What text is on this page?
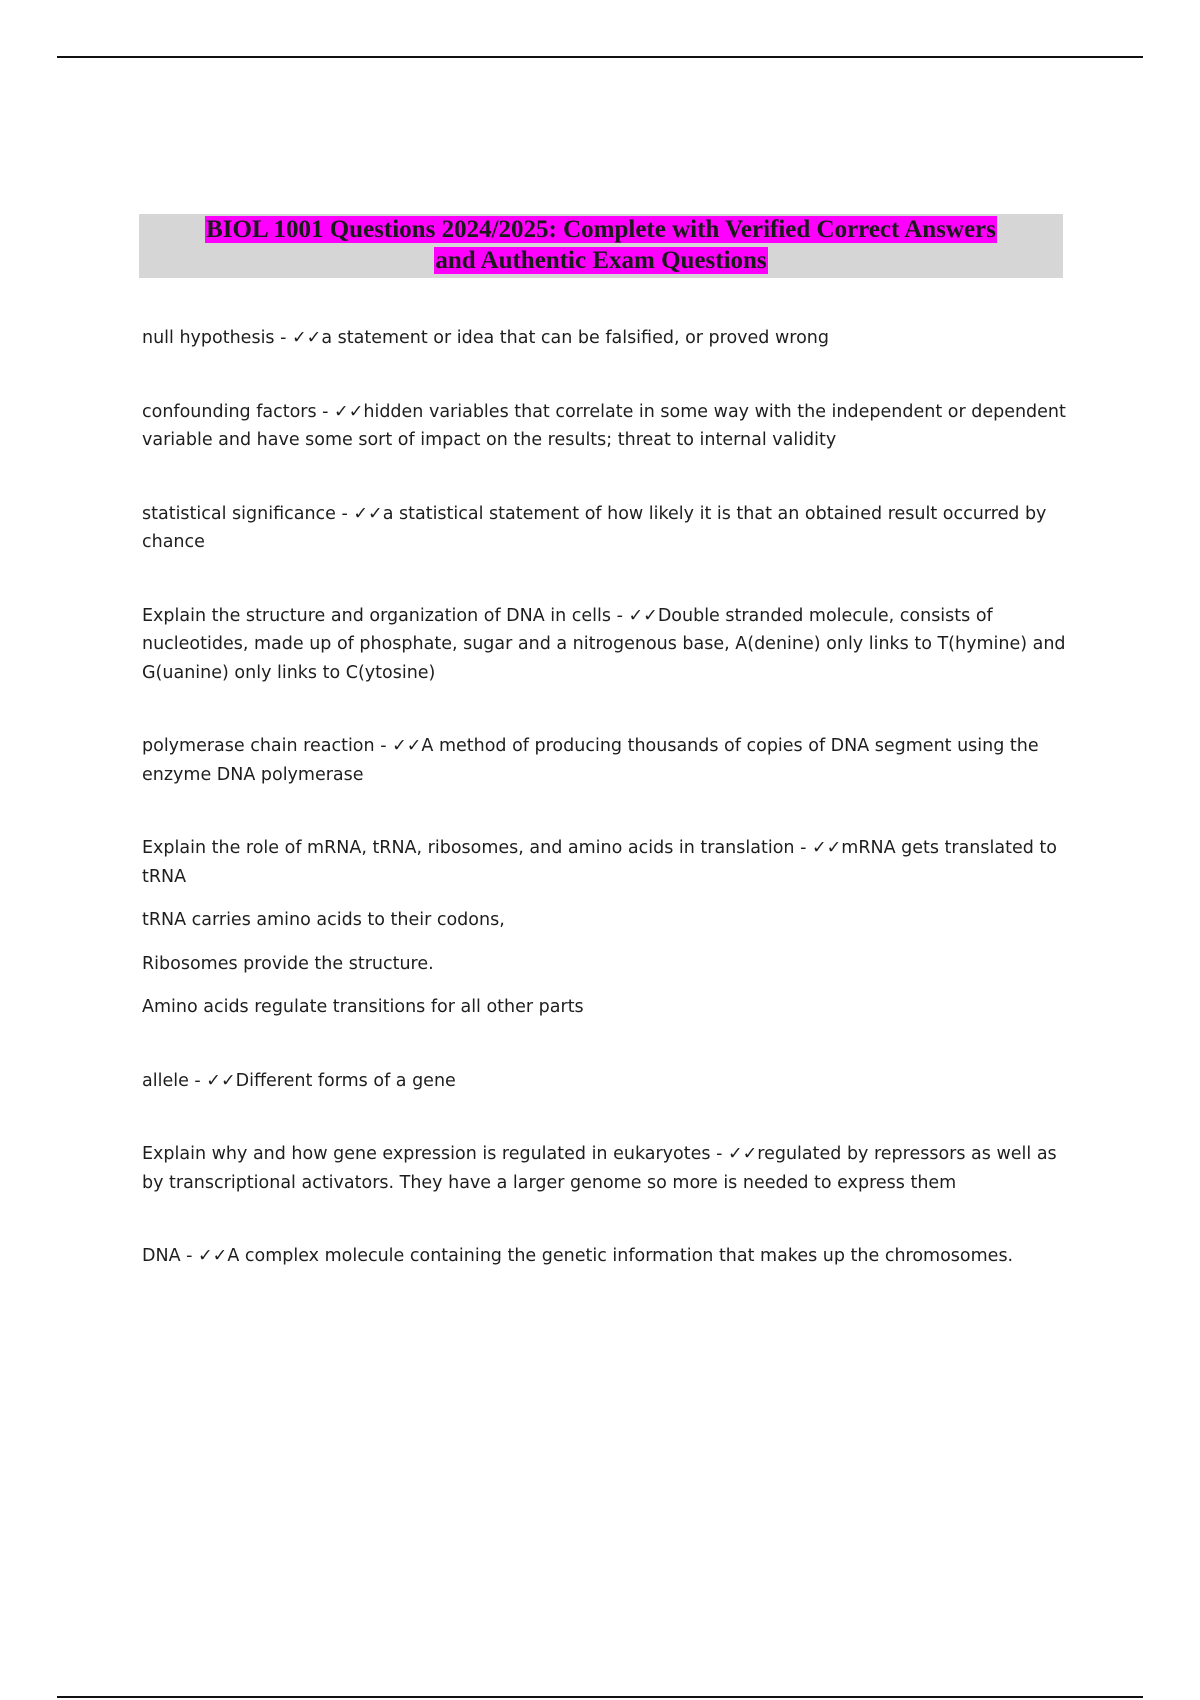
BIOL 1001 Questions 2024/2025: Complete with Verified Correct Answers
and Authentic Exam Questions

null hypothesis - ✓✓a statement or idea that can be falsified, or proved wrong

confounding factors - ✓✓hidden variables that correlate in some way with the independent or dependent variable and have some sort of impact on the results; threat to internal validity

statistical significance - ✓✓a statistical statement of how likely it is that an obtained result occurred by chance

Explain the structure and organization of DNA in cells - ✓✓Double stranded molecule, consists of nucleotides, made up of phosphate, sugar and a nitrogenous base, A(denine) only links to T(hymine) and G(uanine) only links to C(ytosine)

polymerase chain reaction - ✓✓A method of producing thousands of copies of DNA segment using the enzyme DNA polymerase

Explain the role of mRNA, tRNA, ribosomes, and amino acids in translation - ✓✓mRNA gets translated to tRNA
tRNA carries amino acids to their codons,
Ribosomes provide the structure.
Amino acids regulate transitions for all other parts

allele - ✓✓Different forms of a gene

Explain why and how gene expression is regulated in eukaryotes - ✓✓regulated by repressors as well as by transcriptional activators. They have a larger genome so more is needed to express them

DNA - ✓✓A complex molecule containing the genetic information that makes up the chromosomes.
